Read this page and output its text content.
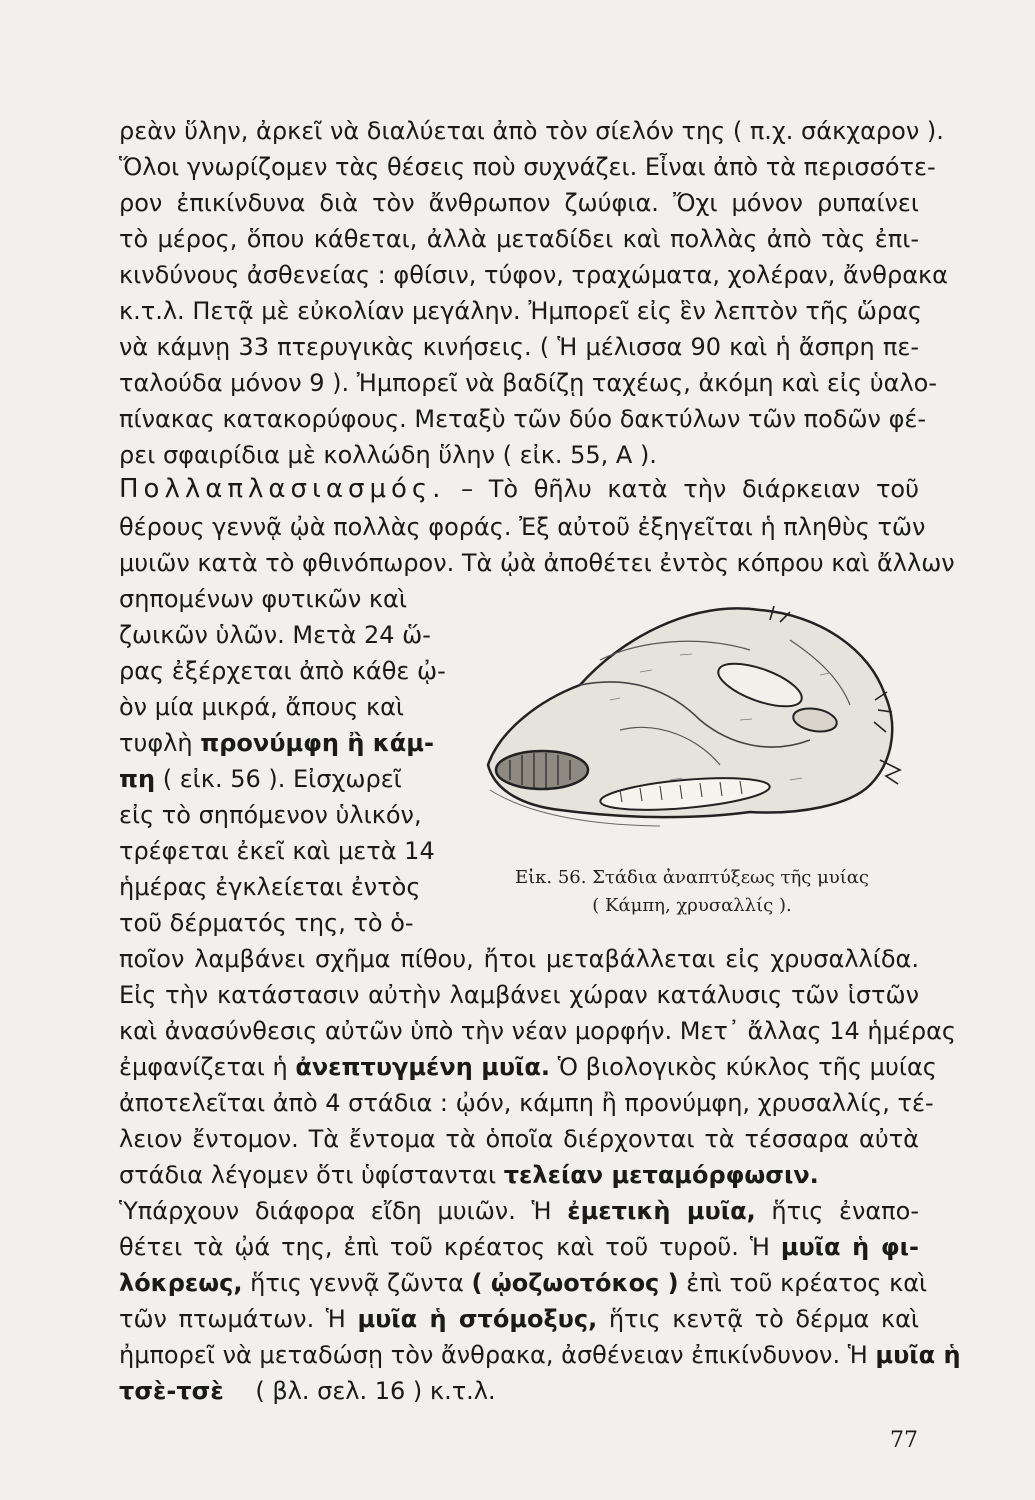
ρεὰν ὕλην, ἀρκεῖ νὰ διαλύεται ἀπὸ τὸν σίελόν της ( π.χ. σάκχαρον ).
Ὅλοι γνωρίζομεν τὰς θέσεις ποὺ συχνάζει. Εἶναι ἀπὸ τὰ περισσότε-
ρον ἐπικίνδυνα διὰ τὸν ἄνθρωπον ζωύφια. Ὄχι μόνον ρυπαίνει
τὸ μέρος, ὅπου κάθεται, ἀλλὰ μεταδίδει καὶ πολλὰς ἀπὸ τὰς ἐπι-
κινδύνους ἀσθενείας : φθίσιν, τύφον, τραχώματα, χολέραν, ἄνθρακα
κ.τ.λ. Πετᾷ μὲ εὐκολίαν μεγάλην. Ἠμπορεῖ εἰς ἓν λεπτὸν τῆς ὥρας
νὰ κάμνῃ 33 πτερυγικὰς κινήσεις. ( Ἡ μέλισσα 90 καὶ ἡ ἄσπρη πε-
ταλούδα μόνον 9 ). Ἠμπορεῖ νὰ βαδίζῃ ταχέως, ἀκόμη καὶ εἰς ὑαλο-
πίνακας κατακορύφους. Μεταξὺ τῶν δύο δακτύλων τῶν ποδῶν φέ-
ρει σφαιρίδια μὲ κολλώδη ὕλην ( εἰκ. 55, Α ).
Πολλαπλασιασμός. – Τὸ θῆλυ κατὰ τὴν διάρκειαν τοῦ
θέρους γεννᾷ ᾠὰ πολλὰς φοράς. Ἐξ αὐτοῦ ἐξηγεῖται ἡ πληθὺς τῶν
μυιῶν κατὰ τὸ φθινόπωρον. Τὰ ᾠὰ ἀποθέτει ἐντὸς κόπρου καὶ ἄλλων
σηπομένων φυτικῶν καὶ
ζωικῶν ὑλῶν. Μετὰ 24 ὥ-
ρας ἐξέρχεται ἀπὸ κάθε ᾠ-
ὸν μία μικρά, ἄπους καὶ
τυφλὴ προνύμφη ἢ κάμ-
πη ( εἰκ. 56 ). Εἰσχωρεῖ
εἰς τὸ σηπόμενον ὑλικόν,
τρέφεται ἐκεῖ καὶ μετὰ 14
ἡμέρας ἐγκλείεται ἐντὸς
τοῦ δέρματός της, τὸ ὁ-
Εἰκ. 56. Στάδια ἀναπτύξεως τῆς μυίας
( Κάμπη, χρυσαλλίς ).
ποῖον λαμβάνει σχῆμα πίθου, ἤτοι μεταβάλλεται εἰς χρυσαλλίδα.
Εἰς τὴν κατάστασιν αὐτὴν λαμβάνει χώραν κατάλυσις τῶν ἱστῶν
καὶ ἀνασύνθεσις αὐτῶν ὑπὸ τὴν νέαν μορφήν. Μετ᾽ ἄλλας 14 ἡμέρας
ἐμφανίζεται ἡ ἀνεπτυγμένη μυῖα. Ὁ βιολογικὸς κύκλος τῆς μυίας
ἀποτελεῖται ἀπὸ 4 στάδια : ᾠόν, κάμπη ἢ προνύμφη, χρυσαλλίς, τέ-
λειον ἔντομον. Τὰ ἔντομα τὰ ὁποῖα διέρχονται τὰ τέσσαρα αὐτὰ
στάδια λέγομεν ὅτι ὑφίστανται τελείαν μεταμόρφωσιν.
Ὑπάρχουν διάφορα εἴδη μυιῶν. Ἡ ἐμετικὴ μυῖα, ἥτις ἐναπο-
θέτει τὰ ᾠά της, ἐπὶ τοῦ κρέατος καὶ τοῦ τυροῦ. Ἡ μυῖα ἡ φι-
λόκρεως, ἥτις γεννᾷ ζῶντα ( ᾠοζωοτόκος ) ἐπὶ τοῦ κρέατος καὶ
τῶν πτωμάτων. Ἡ μυῖα ἡ στόμοξυς, ἥτις κεντᾷ τὸ δέρμα καὶ
ἠμπορεῖ νὰ μεταδώσῃ τὸν ἄνθρακα, ἀσθένειαν ἐπικίνδυνον. Ἡ μυῖα ἡ
τσὲ-τσὲ ( βλ. σελ. 16 ) κ.τ.λ.
77
